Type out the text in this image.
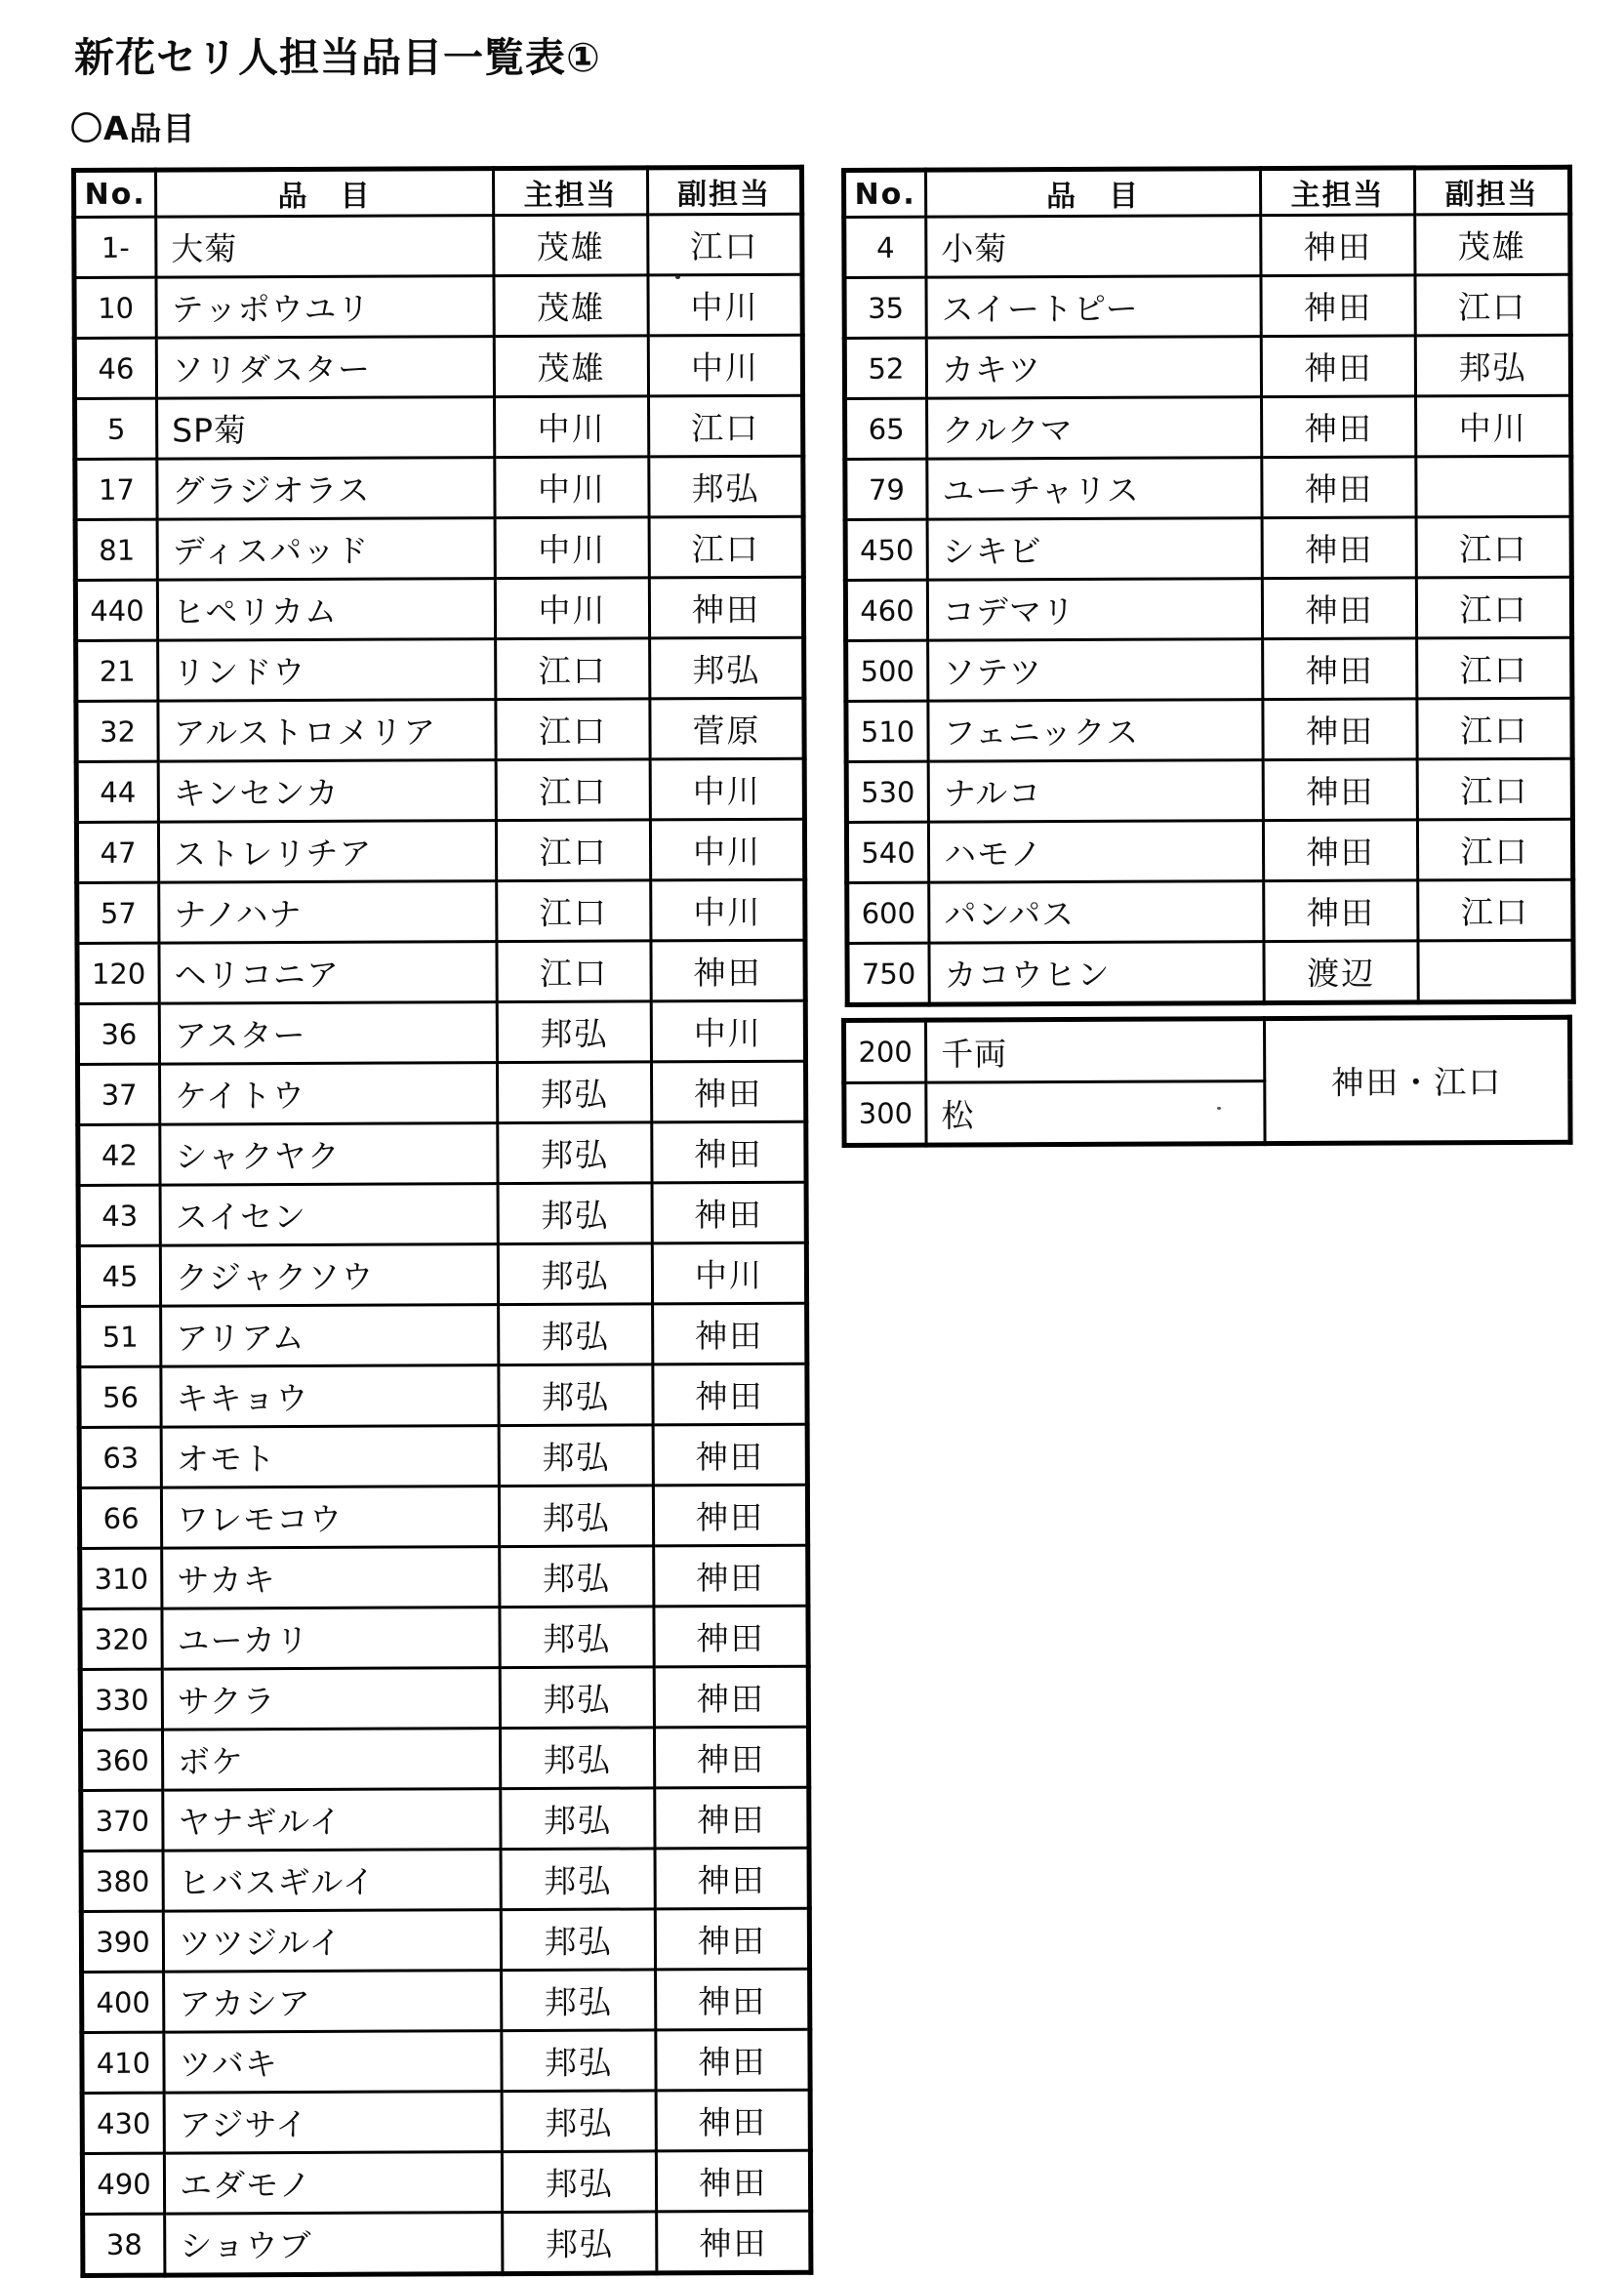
新花セリ人担当品目一覧表①
〇A品目
No.	品　目	主担当	副担当
1-	大菊	茂雄	江口
10	テッポウユリ	茂雄	中川
46	ソリダスター	茂雄	中川
5	SP菊	中川	江口
17	グラジオラス	中川	邦弘
81	ディスパッド	中川	江口
440	ヒペリカム	中川	神田
21	リンドウ	江口	邦弘
32	アルストロメリア	江口	菅原
44	キンセンカ	江口	中川
47	ストレリチア	江口	中川
57	ナノハナ	江口	中川
120	ヘリコニア	江口	神田
36	アスター	邦弘	中川
37	ケイトウ	邦弘	神田
42	シャクヤク	邦弘	神田
43	スイセン	邦弘	神田
45	クジャクソウ	邦弘	中川
51	アリアム	邦弘	神田
56	キキョウ	邦弘	神田
63	オモト	邦弘	神田
66	ワレモコウ	邦弘	神田
310	サカキ	邦弘	神田
320	ユーカリ	邦弘	神田
330	サクラ	邦弘	神田
360	ボケ	邦弘	神田
370	ヤナギルイ	邦弘	神田
380	ヒバスギルイ	邦弘	神田
390	ツツジルイ	邦弘	神田
400	アカシア	邦弘	神田
410	ツバキ	邦弘	神田
430	アジサイ	邦弘	神田
490	エダモノ	邦弘	神田
38	ショウブ	邦弘	神田
No.	品　目	主担当	副担当
4	小菊	神田	茂雄
35	スイートピー	神田	江口
52	カキツ	神田	邦弘
65	クルクマ	神田	中川
79	ユーチャリス	神田	
450	シキビ	神田	江口
460	コデマリ	神田	江口
500	ソテツ	神田	江口
510	フェニックス	神田	江口
530	ナルコ	神田	江口
540	ハモノ	神田	江口
600	パンパス	神田	江口
750	カコウヒン	渡辺	
200	千両	神田・江口
300	松	
